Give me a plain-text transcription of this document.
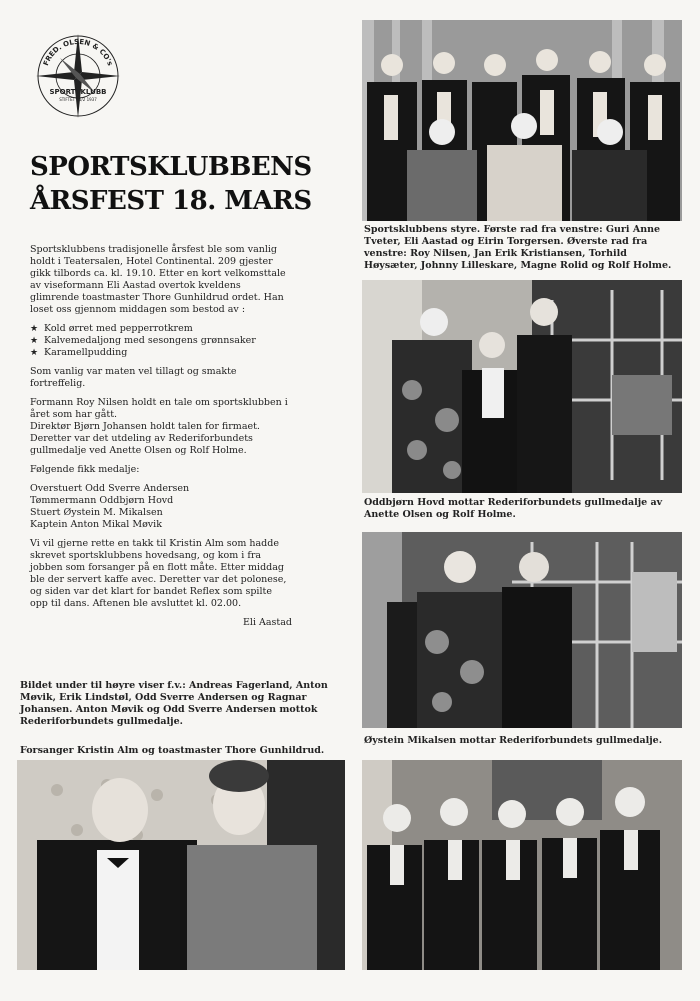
FRED. OLSEN & CO's
SPORTSKLUBB
STIFTET 15/2 1937
SPORTSKLUBBENS
ÅRSFEST 18. MARS

Sportsklubbens tradisjonelle årsfest ble som vanlig holdt i Teatersalen, Hotel Continental. 209 gjester gikk tilbords ca. kl. 19.10. Etter en kort velkomsttale av viseformann Eli Aastad overtok kveldens glimrende toastmaster Thore Gunhildrud ordet. Han loset oss gjennom middagen som bestod av :

★ Kold ørret med pepperrotkrem
★ Kalvemedaljong med sesongens grønnsaker
★ Karamellpudding

Som vanlig var maten vel tillagt og smakte fortreffelig.

Formann Roy Nilsen holdt en tale om sportsklubben i året som har gått.
Direktør Bjørn Johansen holdt talen for firmaet. Deretter var det utdeling av Rederiforbundets gullmedalje ved Anette Olsen og Rolf Holme.

Følgende fikk medalje:

Overstuert Odd Sverre Andersen
Tømmermann Oddbjørn Hovd
Stuert Øystein M. Mikalsen
Kaptein Anton Mikal Møvik

Vi vil gjerne rette en takk til Kristin Alm som hadde skrevet sportsklubbens hovedsang, og kom i fra jobben som forsanger på en flott måte. Etter middag ble der servert kaffe avec. Deretter var det polonese, og siden var det klart for bandet Reflex som spilte opp til dans. Aftenen ble avsluttet kl. 02.00.

Eli Aastad
Bildet under til høyre viser f.v.: Andreas Fagerland, Anton Møvik, Erik Lindstøl, Odd Sverre Andersen og Ragnar Johansen. Anton Møvik og Odd Sverre Andersen mottok Rederiforbundets gullmedalje.
Forsanger Kristin Alm og toastmaster Thore Gunhildrud.
Sportsklubbens styre. Første rad fra venstre: Guri Anne Tveter, Eli Aastad og Eirin Torgersen. Øverste rad fra venstre: Roy Nilsen, Jan Erik Kristiansen, Torhild Høysæter, Johnny Lilleskare, Magne Rolid og Rolf Holme.
Oddbjørn Hovd mottar Rederiforbundets gullmedalje av Anette Olsen og Rolf Holme.
Øystein Mikalsen mottar Rederiforbundets gullmedalje.
